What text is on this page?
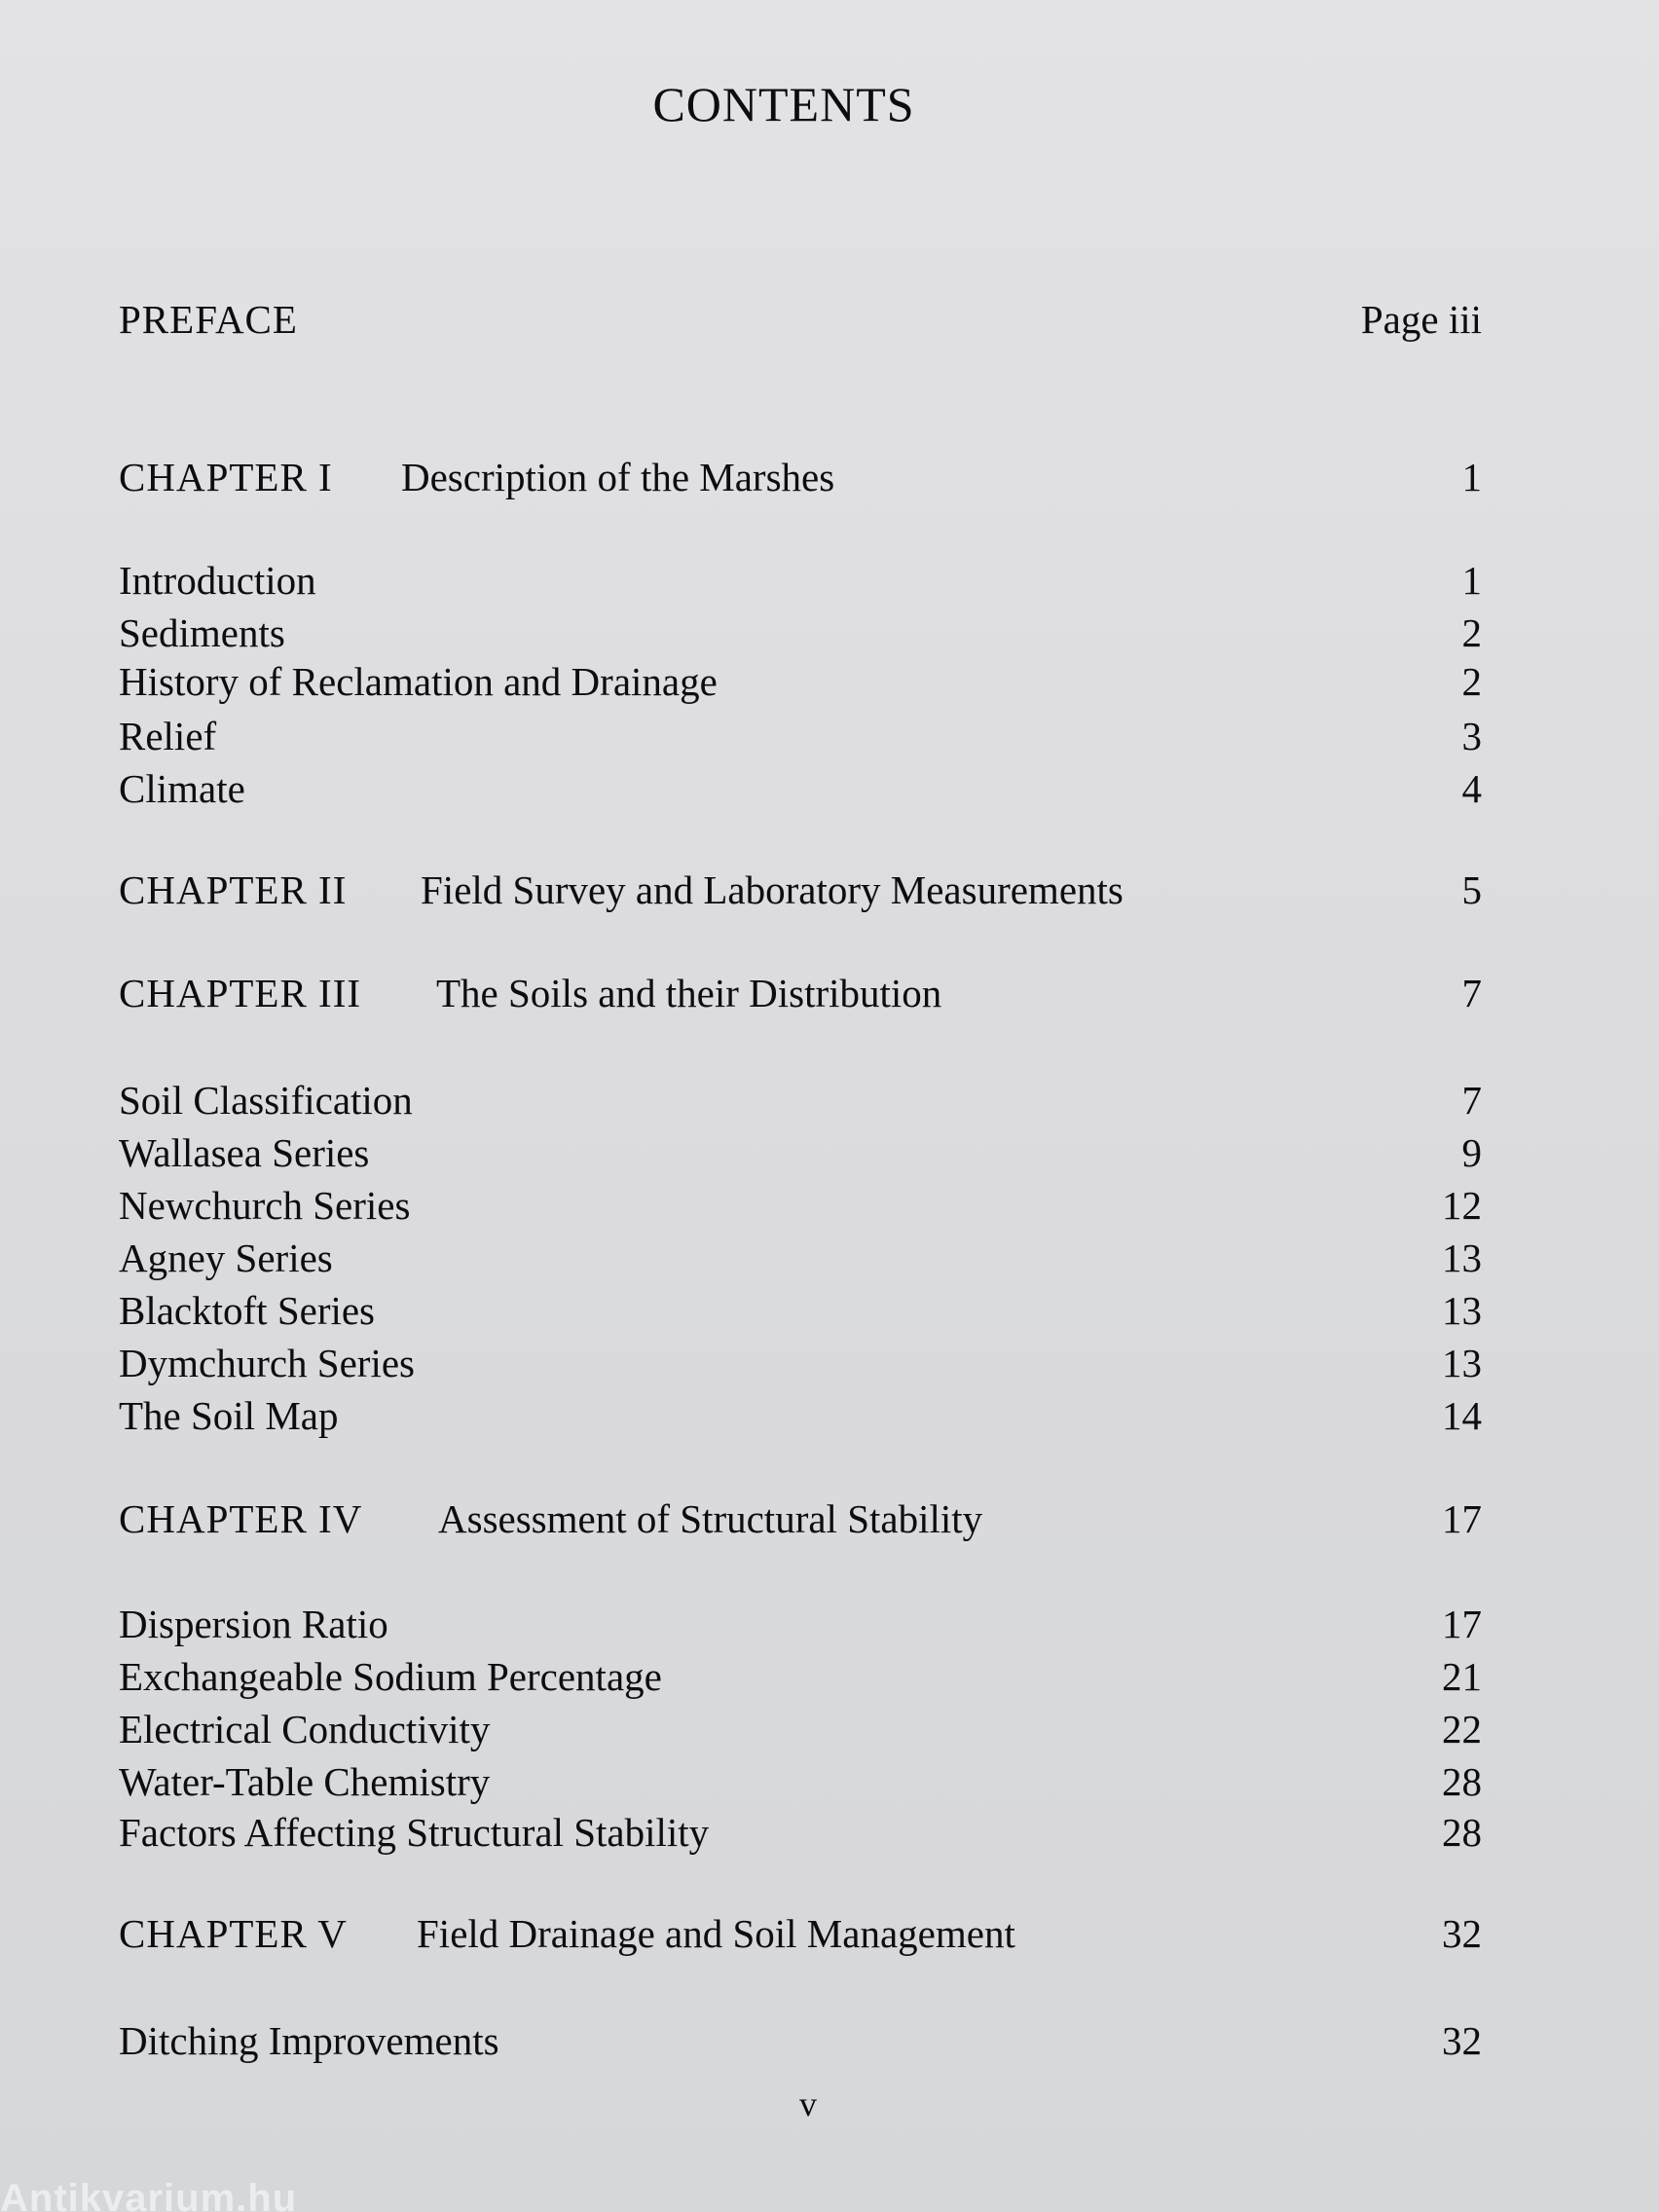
CONTENTS
PREFACE	Page iii
CHAPTER I Description of the Marshes	1
Introduction	1
Sediments	2
History of Reclamation and Drainage	2
Relief	3
Climate	4
CHAPTER II Field Survey and Laboratory Measurements	5
CHAPTER III The Soils and their Distribution	7
Soil Classification	7
Wallasea Series	9
Newchurch Series	12
Agney Series	13
Blacktoft Series	13
Dymchurch Series	13
The Soil Map	14
CHAPTER IV Assessment of Structural Stability	17
Dispersion Ratio	17
Exchangeable Sodium Percentage	21
Electrical Conductivity	22
Water-Table Chemistry	28
Factors Affecting Structural Stability	28
CHAPTER V Field Drainage and Soil Management	32
Ditching Improvements	32
v
Antikvarium.hu
